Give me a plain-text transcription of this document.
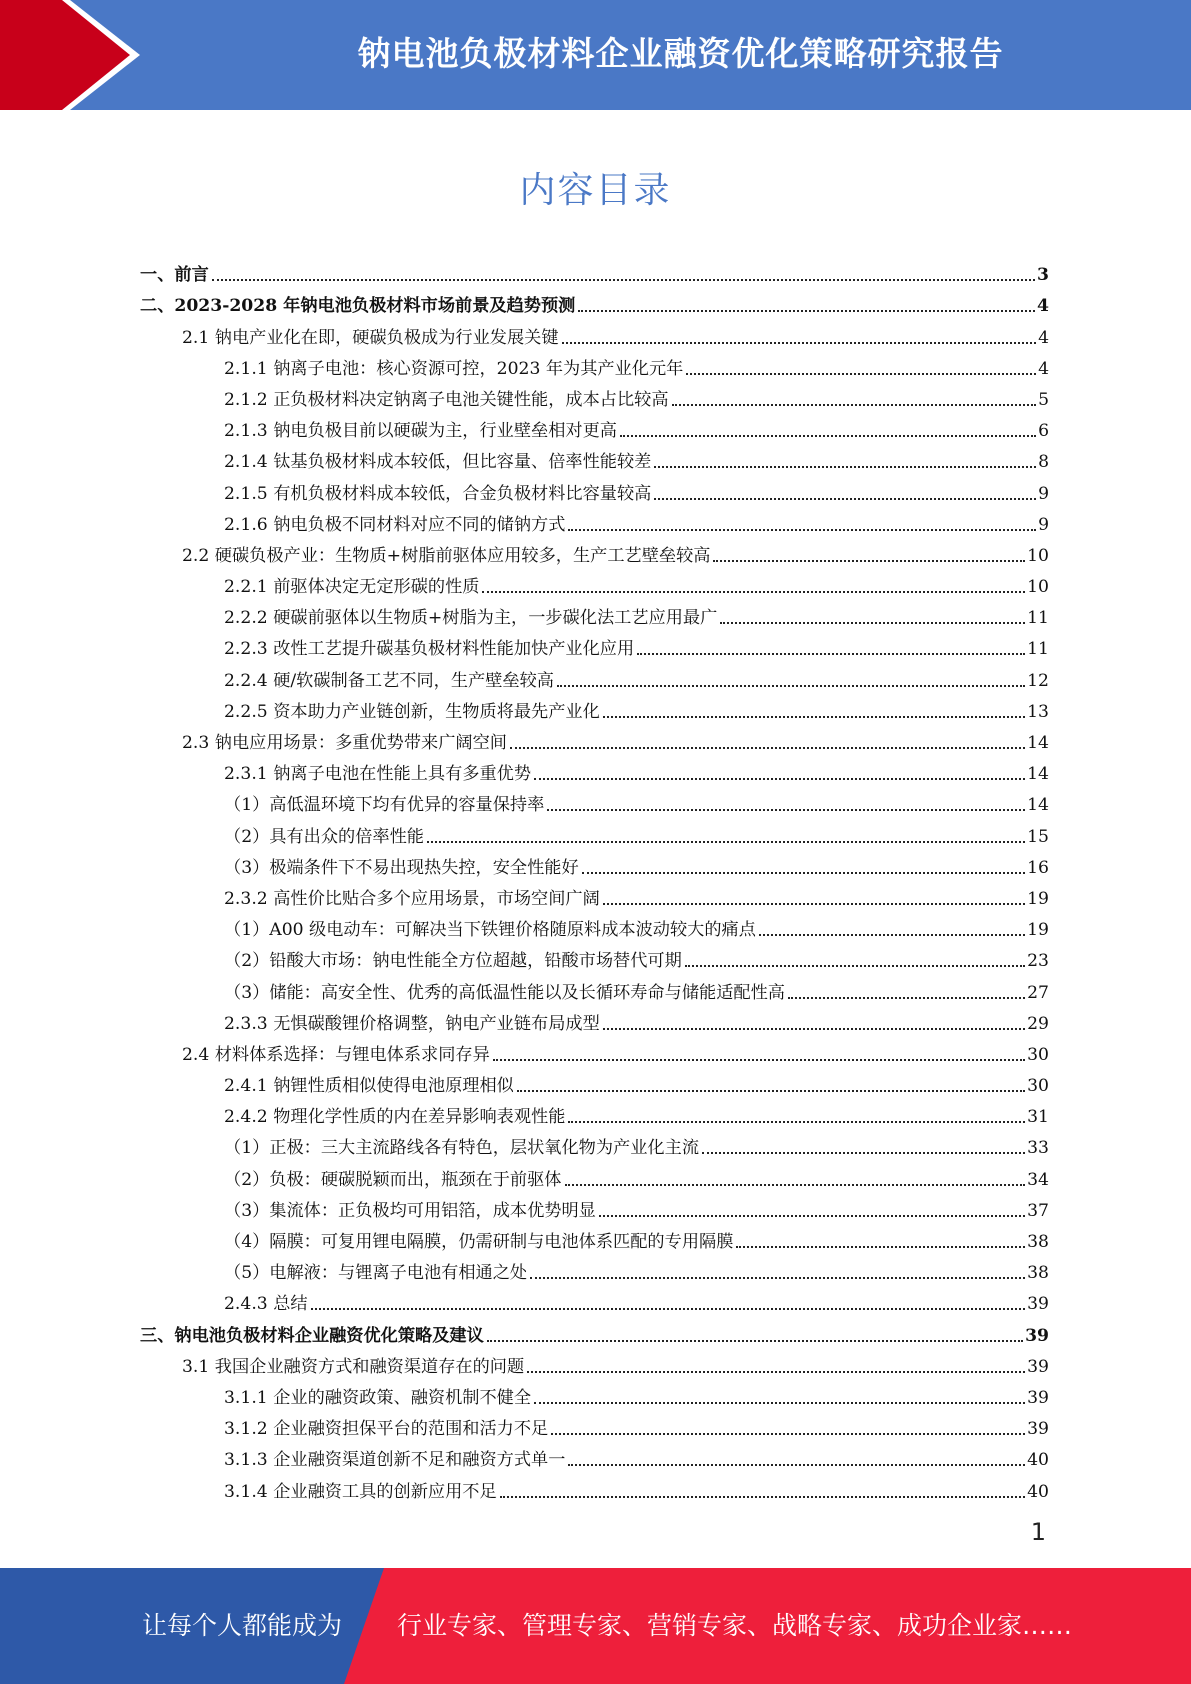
钠电池负极材料企业融资优化策略研究报告
内容目录
一、前言	3
二、2023-2028 年钠电池负极材料市场前景及趋势预测	4
2.1 钠电产业化在即，硬碳负极成为行业发展关键	4
2.1.1 钠离子电池：核心资源可控，2023 年为其产业化元年	4
2.1.2 正负极材料决定钠离子电池关键性能，成本占比较高	5
2.1.3 钠电负极目前以硬碳为主，行业壁垒相对更高	6
2.1.4 钛基负极材料成本较低，但比容量、倍率性能较差	8
2.1.5 有机负极材料成本较低，合金负极材料比容量较高	9
2.1.6 钠电负极不同材料对应不同的储钠方式	9
2.2 硬碳负极产业：生物质+树脂前驱体应用较多，生产工艺壁垒较高	10
2.2.1 前驱体决定无定形碳的性质	10
2.2.2 硬碳前驱体以生物质+树脂为主，一步碳化法工艺应用最广	11
2.2.3 改性工艺提升碳基负极材料性能加快产业化应用	11
2.2.4 硬/软碳制备工艺不同，生产壁垒较高	12
2.2.5 资本助力产业链创新，生物质将最先产业化	13
2.3 钠电应用场景：多重优势带来广阔空间	14
2.3.1 钠离子电池在性能上具有多重优势	14
（1）高低温环境下均有优异的容量保持率	14
（2）具有出众的倍率性能	15
（3）极端条件下不易出现热失控，安全性能好	16
2.3.2 高性价比贴合多个应用场景，市场空间广阔	19
（1）A00 级电动车：可解决当下铁锂价格随原料成本波动较大的痛点	19
（2）铅酸大市场：钠电性能全方位超越，铅酸市场替代可期	23
（3）储能：高安全性、优秀的高低温性能以及长循环寿命与储能适配性高	27
2.3.3 无惧碳酸锂价格调整，钠电产业链布局成型	29
2.4 材料体系选择：与锂电体系求同存异	30
2.4.1 钠锂性质相似使得电池原理相似	30
2.4.2 物理化学性质的内在差异影响表观性能	31
（1）正极：三大主流路线各有特色，层状氧化物为产业化主流	33
（2）负极：硬碳脱颖而出，瓶颈在于前驱体	34
（3）集流体：正负极均可用铝箔，成本优势明显	37
（4）隔膜：可复用锂电隔膜，仍需研制与电池体系匹配的专用隔膜	38
（5）电解液：与锂离子电池有相通之处	38
2.4.3 总结	39
三、钠电池负极材料企业融资优化策略及建议	39
3.1 我国企业融资方式和融资渠道存在的问题	39
3.1.1 企业的融资政策、融资机制不健全	39
3.1.2 企业融资担保平台的范围和活力不足	39
3.1.3 企业融资渠道创新不足和融资方式单一	40
3.1.4 企业融资工具的创新应用不足	40
1
让每个人都能成为 行业专家、管理专家、营销专家、战略专家、成功企业家……
